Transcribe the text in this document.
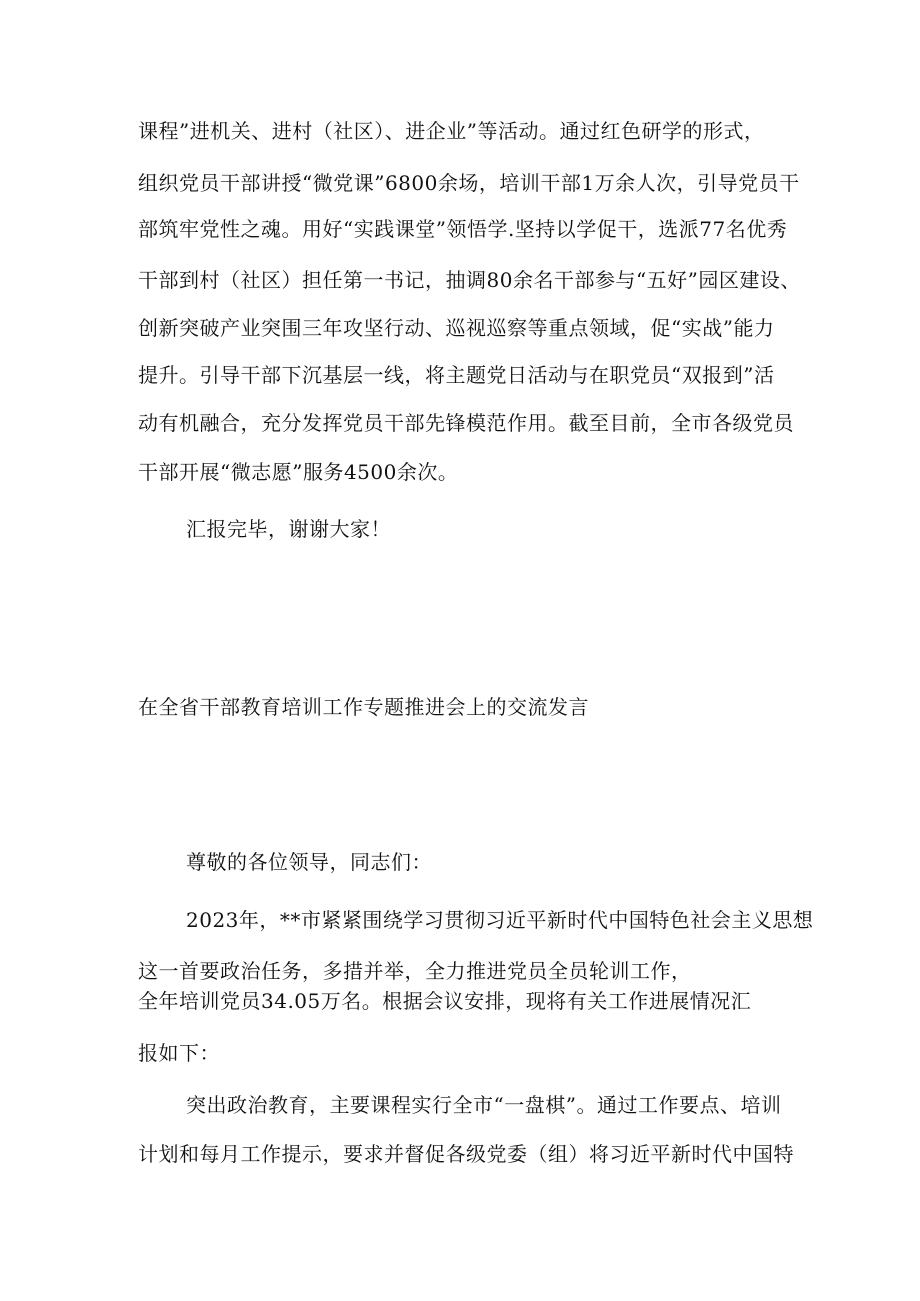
课程”进机关、进村（社区）、进企业”等活动。通过红色研学的形式，
组织党员干部讲授“微党课”6800余场，培训干部1万余人次，引导党员干
部筑牢党性之魂。用好“实践课堂”领悟学.坚持以学促干，选派77名优秀
干部到村（社区）担任第一书记，抽调80余名干部参与“五好”园区建设、
创新突破产业突围三年攻坚行动、巡视巡察等重点领域，促“实战”能力
提升。引导干部下沉基层一线，将主题党日活动与在职党员“双报到”活
动有机融合，充分发挥党员干部先锋模范作用。截至目前，全市各级党员
干部开展“微志愿”服务4500余次。
汇报完毕，谢谢大家！
在全省干部教育培训工作专题推进会上的交流发言
尊敬的各位领导，同志们：
2023年，**市紧紧围绕学习贯彻习近平新时代中国特色社会主义思想
这一首要政治任务，多措并举，全力推进党员全员轮训工作，
全年培训党员34.05万名。根据会议安排，现将有关工作进展情况汇
报如下：
突出政治教育，主要课程实行全市“一盘棋”。通过工作要点、培训
计划和每月工作提示，要求并督促各级党委（组）将习近平新时代中国特
